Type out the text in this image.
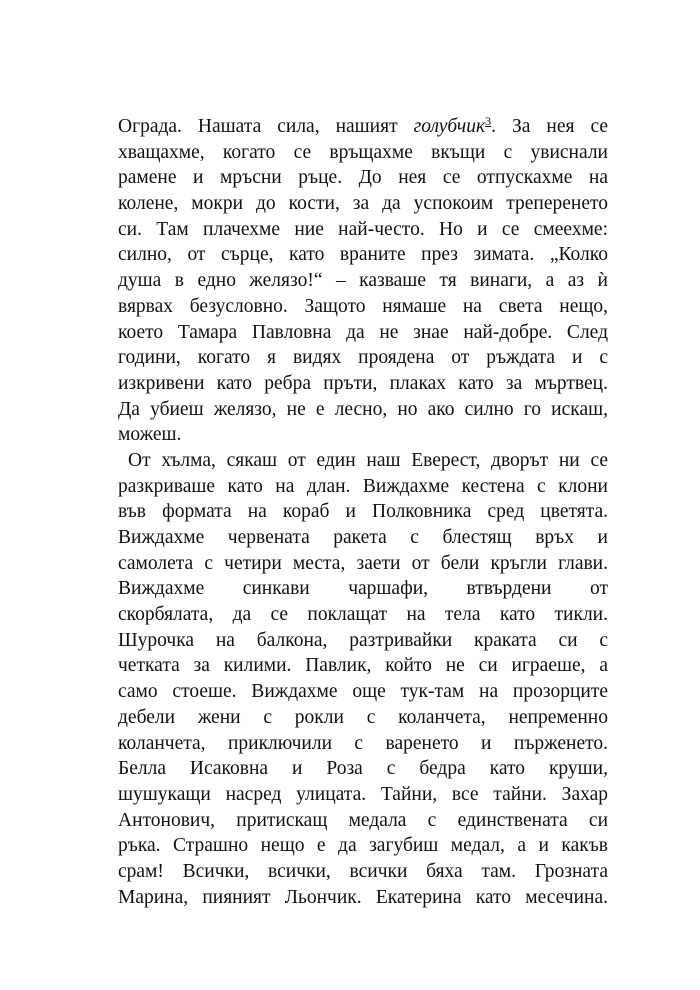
Ограда. Нашата сила, нашият голубчик$^3$. За нея се
хващахме, когато се връщахме вкъщи с увиснали
рамене и мръсни ръце. До нея се отпускахме на
колене, мокри до кости, за да успокоим треперенето
си. Там плачехме ние най-често. Но и се смеехме:
силно, от сърце, като враните през зимата. „Колко
душа в едно желязо!“ – казваше тя винаги, а аз ѝ
вярвах безусловно. Защото нямаше на света нещо,
което Тамара Павловна да не знае най-добре. След
години, когато я видях проядена от ръждата и с
изкривени като ребра пръти, плаках като за мъртвец.
Да убиеш желязо, не е лесно, но ако силно го искаш,
можеш.
От хълма, сякаш от един наш Еверест, дворът ни се
разкриваше като на длан. Виждахме кестена с клони
във формата на кораб и Полковника сред цветята.
Виждахме червената ракета с блестящ връх и
самолета с четири места, заети от бели кръгли глави.
Виждахме синкави чаршафи, втвърдени от
скорбялата, да се поклащат на тела като тикли.
Шурочка на балкона, разтривайки краката си с
четката за килими. Павлик, който не си играеше, а
само стоеше. Виждахме още тук-там на прозорците
дебели жени с рокли с коланчета, непременно
коланчета, приключили с варенето и пърженето.
Белла Исаковна и Роза с бедра като круши,
шушукащи насред улицата. Тайни, все тайни. Захар
Антонович, притискащ медала с единствената си
ръка. Страшно нещо е да загубиш медал, а и какъв
срам! Всички, всички, всички бяха там. Грозната
Марина, пияният Льончик. Екатерина като месечина.
